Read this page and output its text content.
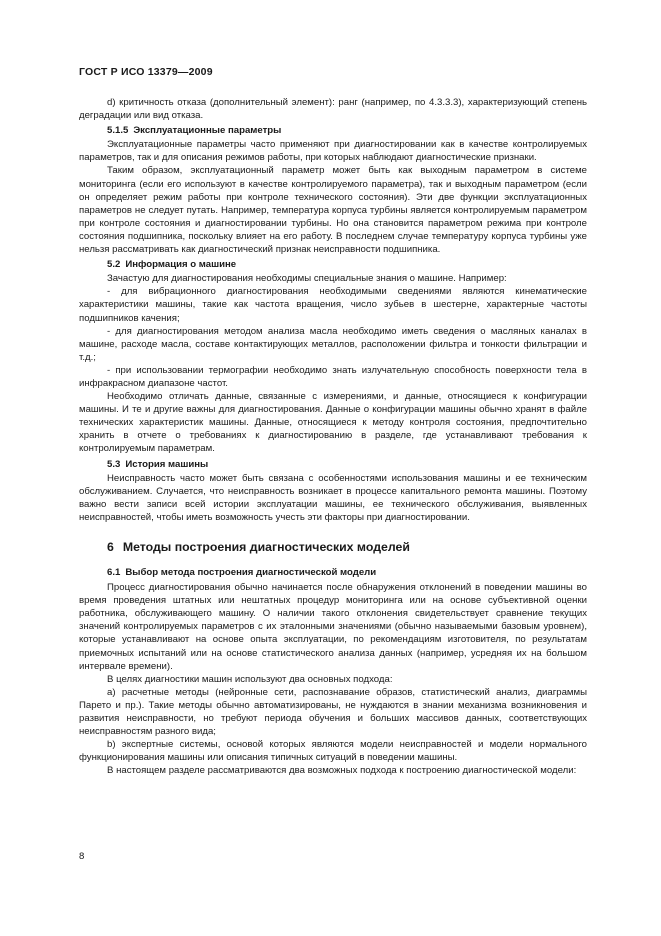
ГОСТ Р ИСО 13379—2009

d) критичность отказа (дополнительный элемент): ранг (например, по 4.3.3.3), характеризующий степень деградации или вид отказа.

5.1.5 Эксплуатационные параметры

Эксплуатационные параметры часто применяют при диагностировании как в качестве контролируемых параметров, так и для описания режимов работы, при которых наблюдают диагностические признаки.

Таким образом, эксплуатационный параметр может быть как выходным параметром в системе мониторинга (если его используют в качестве контролируемого параметра), так и выходным параметром (если он определяет режим работы при контроле технического состояния). Эти две функции эксплуатационных параметров не следует путать. Например, температура корпуса турбины является контролируемым параметром при контроле состояния и диагностировании турбины. Но она становится параметром режима при контроле состояния подшипника, поскольку влияет на его работу. В последнем случае температуру корпуса турбины уже нельзя рассматривать как диагностический признак неисправности подшипника.

5.2 Информация о машине

Зачастую для диагностирования необходимы специальные знания о машине. Например:

- для вибрационного диагностирования необходимыми сведениями являются кинематические характеристики машины, такие как частота вращения, число зубьев в шестерне, характерные частоты подшипников качения;

- для диагностирования методом анализа масла необходимо иметь сведения о масляных каналах в машине, расходе масла, составе контактирующих металлов, расположении фильтра и тонкости фильтрации и т.д.;

- при использовании термографии необходимо знать излучательную способность поверхности тела в инфракрасном диапазоне частот.

Необходимо отличать данные, связанные с измерениями, и данные, относящиеся к конфигурации машины. И те и другие важны для диагностирования. Данные о конфигурации машины обычно хранят в файле технических характеристик машины. Данные, относящиеся к методу контроля состояния, предпочтительно хранить в отчете о требованиях к диагностированию в разделе, где устанавливают требования к контролируемым параметрам.

5.3 История машины

Неисправность часто может быть связана с особенностями использования машины и ее техническим обслуживанием. Случается, что неисправность возникает в процессе капитального ремонта машины. Поэтому важно вести записи всей истории эксплуатации машины, ее технического обслуживания, выявленных неисправностей, чтобы иметь возможность учесть эти факторы при диагностировании.

6 Методы построения диагностических моделей
6.1 Выбор метода построения диагностической модели

Процесс диагностирования обычно начинается после обнаружения отклонений в поведении машины во время проведения штатных или нештатных процедур мониторинга или на основе субъективной оценки работника, обслуживающего машину. О наличии такого отклонения свидетельствует сравнение текущих значений контролируемых параметров с их эталонными значениями (обычно называемыми базовым уровнем), которые устанавливают на основе опыта эксплуатации, по рекомендациям изготовителя, по результатам приемочных испытаний или на основе статистического анализа данных (например, усредняя их на большом интервале времени).

В целях диагностики машин используют два основных подхода:

а) расчетные методы (нейронные сети, распознавание образов, статистический анализ, диаграммы Парето и пр.). Такие методы обычно автоматизированы, не нуждаются в знании механизма возникновения и развития неисправности, но требуют периода обучения и больших массивов данных, соответствующих неисправностям разного вида;

b) экспертные системы, основой которых являются модели неисправностей и модели нормального функционирования машины или описания типичных ситуаций в поведении машины.

В настоящем разделе рассматриваются два возможных подхода к построению диагностической модели:

8
